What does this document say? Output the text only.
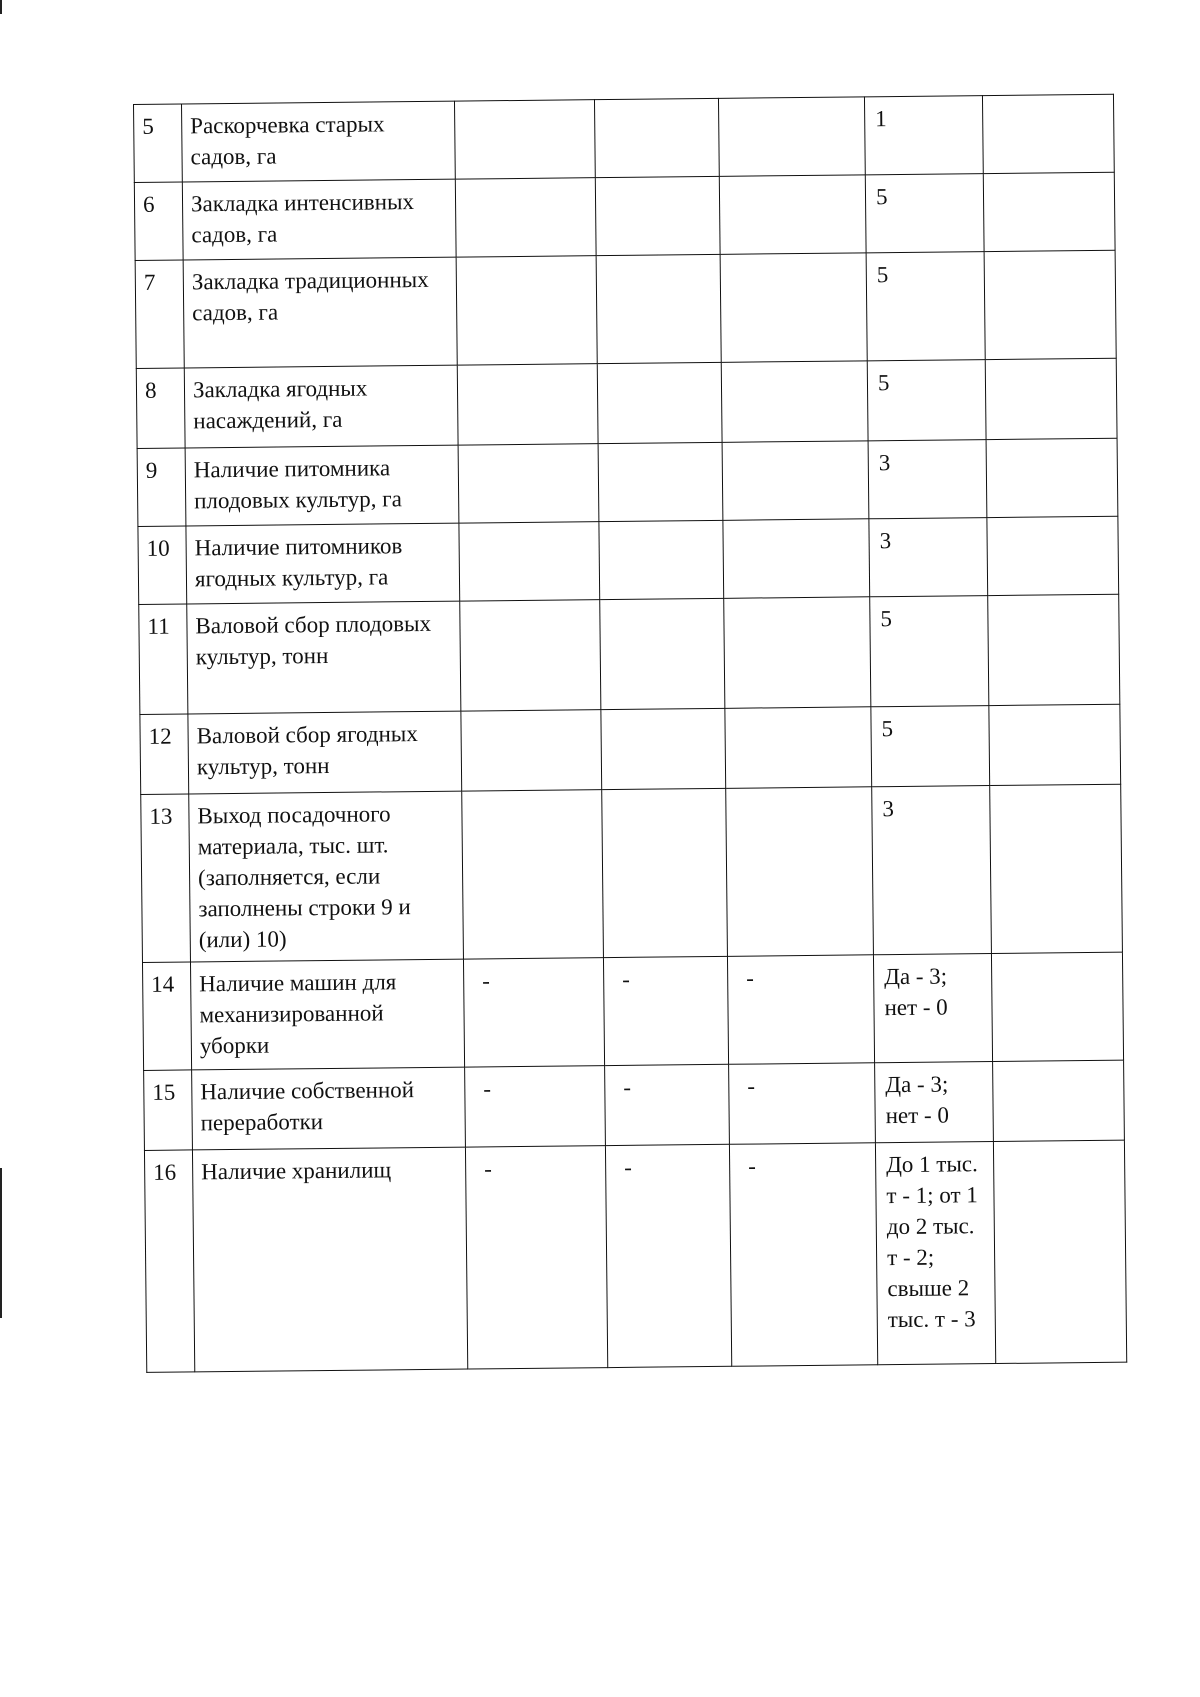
5	Раскорчевка старых садов, га				1	
6	Закладка интенсивных садов, га				5	
7	Закладка традиционных садов, га				5	
8	Закладка ягодных насаждений, га				5	
9	Наличие питомника плодовых культур, га				3	
10	Наличие питомников ягодных культур, га				3	
11	Валовой сбор плодовых культур, тонн				5	
12	Валовой сбор ягодных культур, тонн				5	
13	Выход посадочного материала, тыс. шт. (заполняется, если заполнены строки 9 и (или) 10)				3	
14	Наличие машин для механизированной уборки	-	-	-	Да - 3; нет - 0	
15	Наличие собственной переработки	-	-	-	Да - 3; нет - 0	
16	Наличие хранилищ	-	-	-	До 1 тыс. т - 1; от 1 до 2 тыс. т - 2; свыше 2 тыс. т - 3	
